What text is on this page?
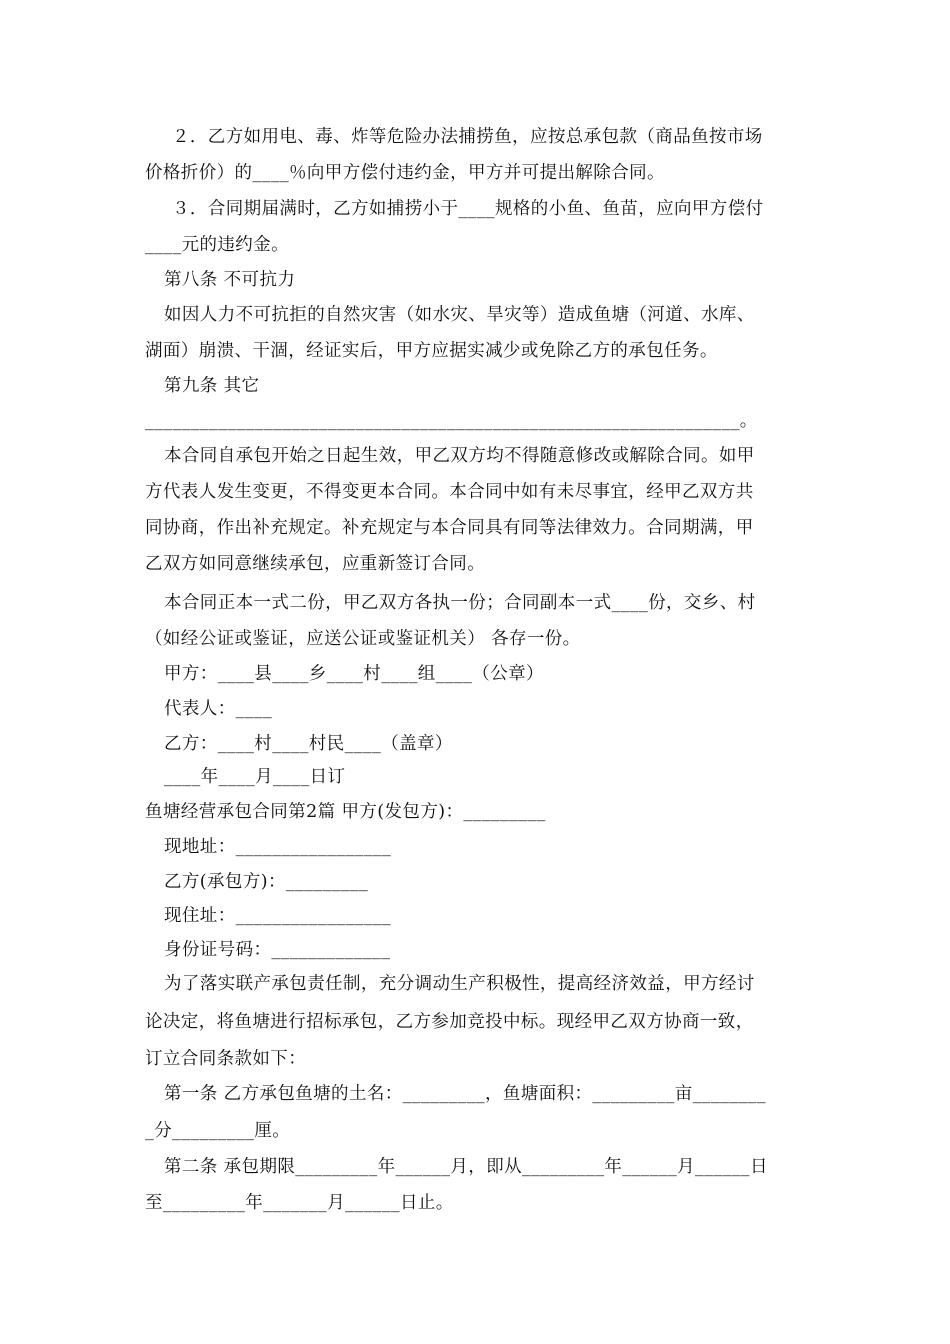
２．乙方如用电、毒、炸等危险办法捕捞鱼，应按总承包款（商品鱼按市场
价格折价）的____％向甲方偿付违约金，甲方并可提出解除合同。
３．合同期届满时，乙方如捕捞小于____规格的小鱼、鱼苗，应向甲方偿付
____元的违约金。
第八条 不可抗力
如因人力不可抗拒的自然灾害（如水灾、旱灾等）造成鱼塘（河道、水库、
湖面）崩溃、干涸，经证实后，甲方应据实减少或免除乙方的承包任务。
第九条 其它
_________________________________________________________________。
本合同自承包开始之日起生效，甲乙双方均不得随意修改或解除合同。如甲
方代表人发生变更，不得变更本合同。本合同中如有未尽事宜，经甲乙双方共
同协商，作出补充规定。补充规定与本合同具有同等法律效力。合同期满，甲
乙双方如同意继续承包，应重新签订合同。
本合同正本一式二份，甲乙双方各执一份；合同副本一式____份，交乡、村
（如经公证或鉴证，应送公证或鉴证机关） 各存一份。
甲方：____县____乡____村____组____（公章）
代表人：____
乙方：____村____村民____（盖章）
____年____月____日订
鱼塘经营承包合同第2篇 甲方(发包方)：_________
现地址：_________________
乙方(承包方)：_________
现住址：_________________
身份证号码：_____________
为了落实联产承包责任制，充分调动生产积极性，提高经济效益，甲方经讨
论决定，将鱼塘进行招标承包，乙方参加竞投中标。现经甲乙双方协商一致，
订立合同条款如下：
第一条 乙方承包鱼塘的土名：_________，鱼塘面积：_________亩________
_分_________厘。
第二条 承包期限_________年______月，即从_________年______月______日
至_________年_______月______日止。
